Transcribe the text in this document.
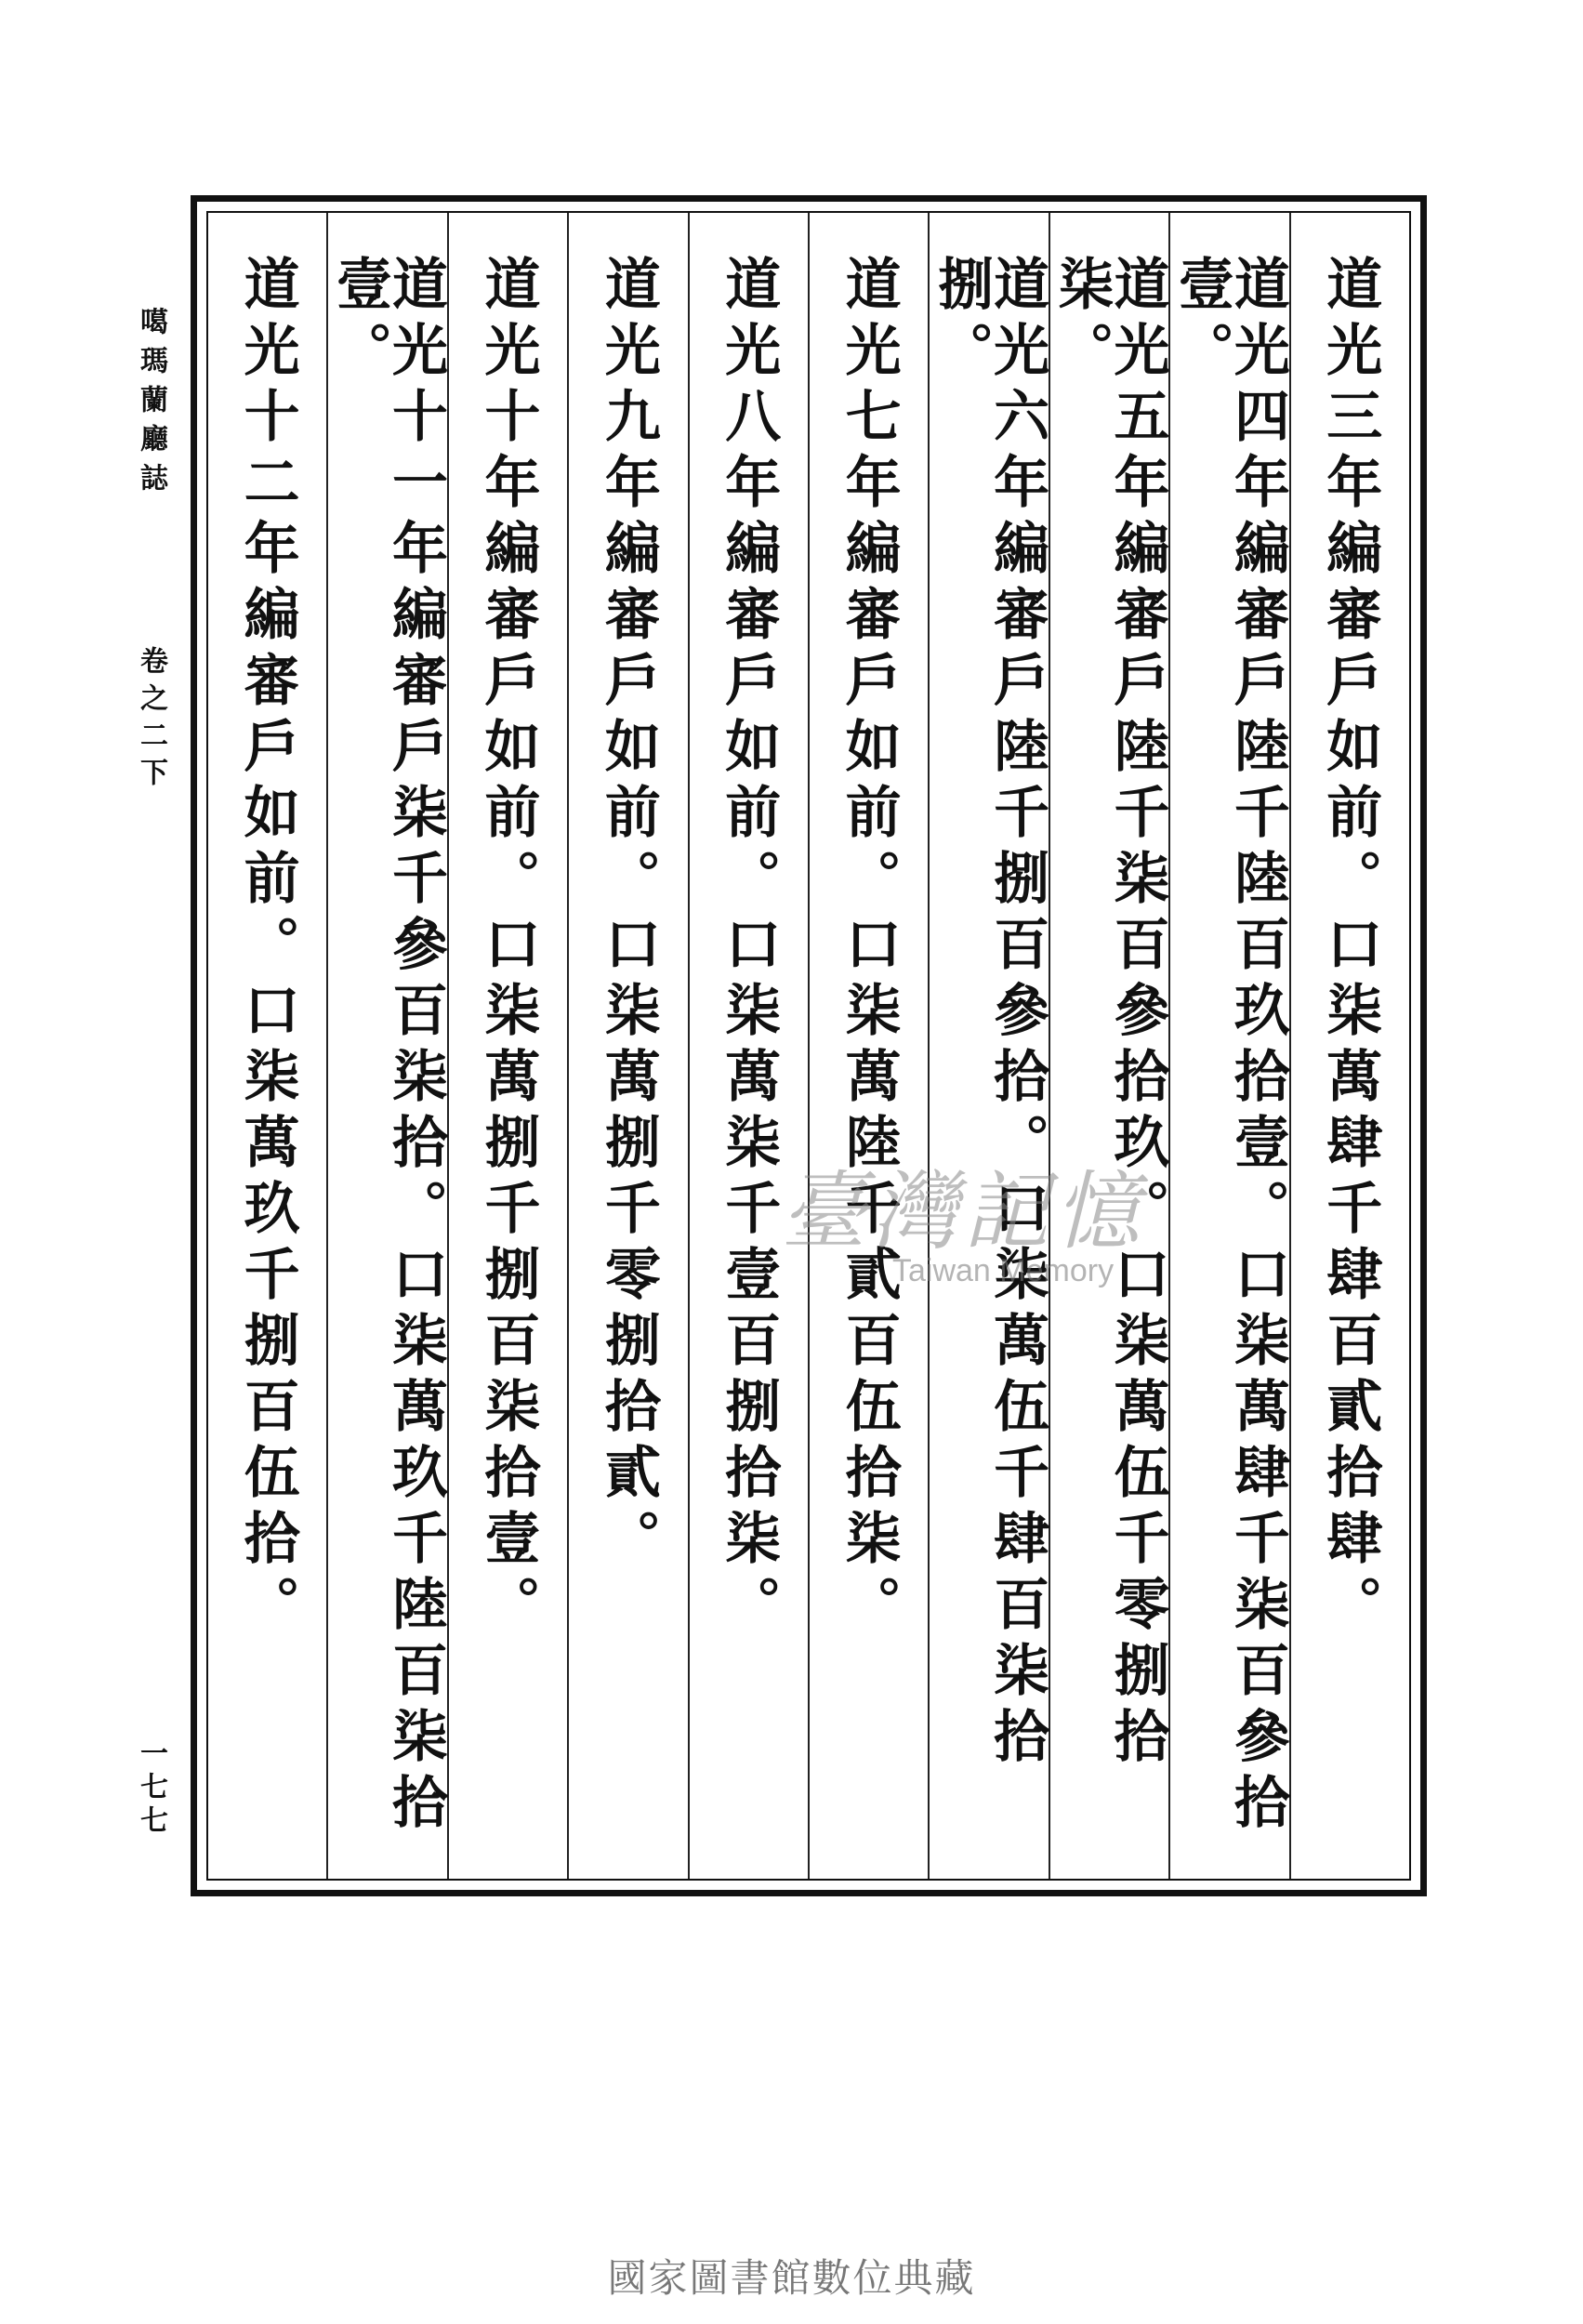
噶瑪蘭廳誌
卷之二下
一七七
道光三年編審戶如前。口柒萬肆千肆百貳拾肆。
道光四年編審戶陸千陸百玖拾壹。口柒萬肆千柒百參拾壹。
道光五年編審戶陸千柒百參拾玖。口柒萬伍千零捌拾柒。
道光六年編審戶陸千捌百參拾。口柒萬伍千肆百柒拾捌。
道光七年編審戶如前。口柒萬陸千貳百伍拾柒。
道光八年編審戶如前。口柒萬柒千壹百捌拾柒。
道光九年編審戶如前。口柒萬捌千零捌拾貳。
道光十年編審戶如前。口柒萬捌千捌百柒拾壹。
道光十一年編審戶柒千參百柒拾。口柒萬玖千陸百柒拾壹。
道光十二年編審戶如前。口柒萬玖千捌百伍拾。	臺灣記憶
Taiwan Memory
國家圖書館數位典藏
